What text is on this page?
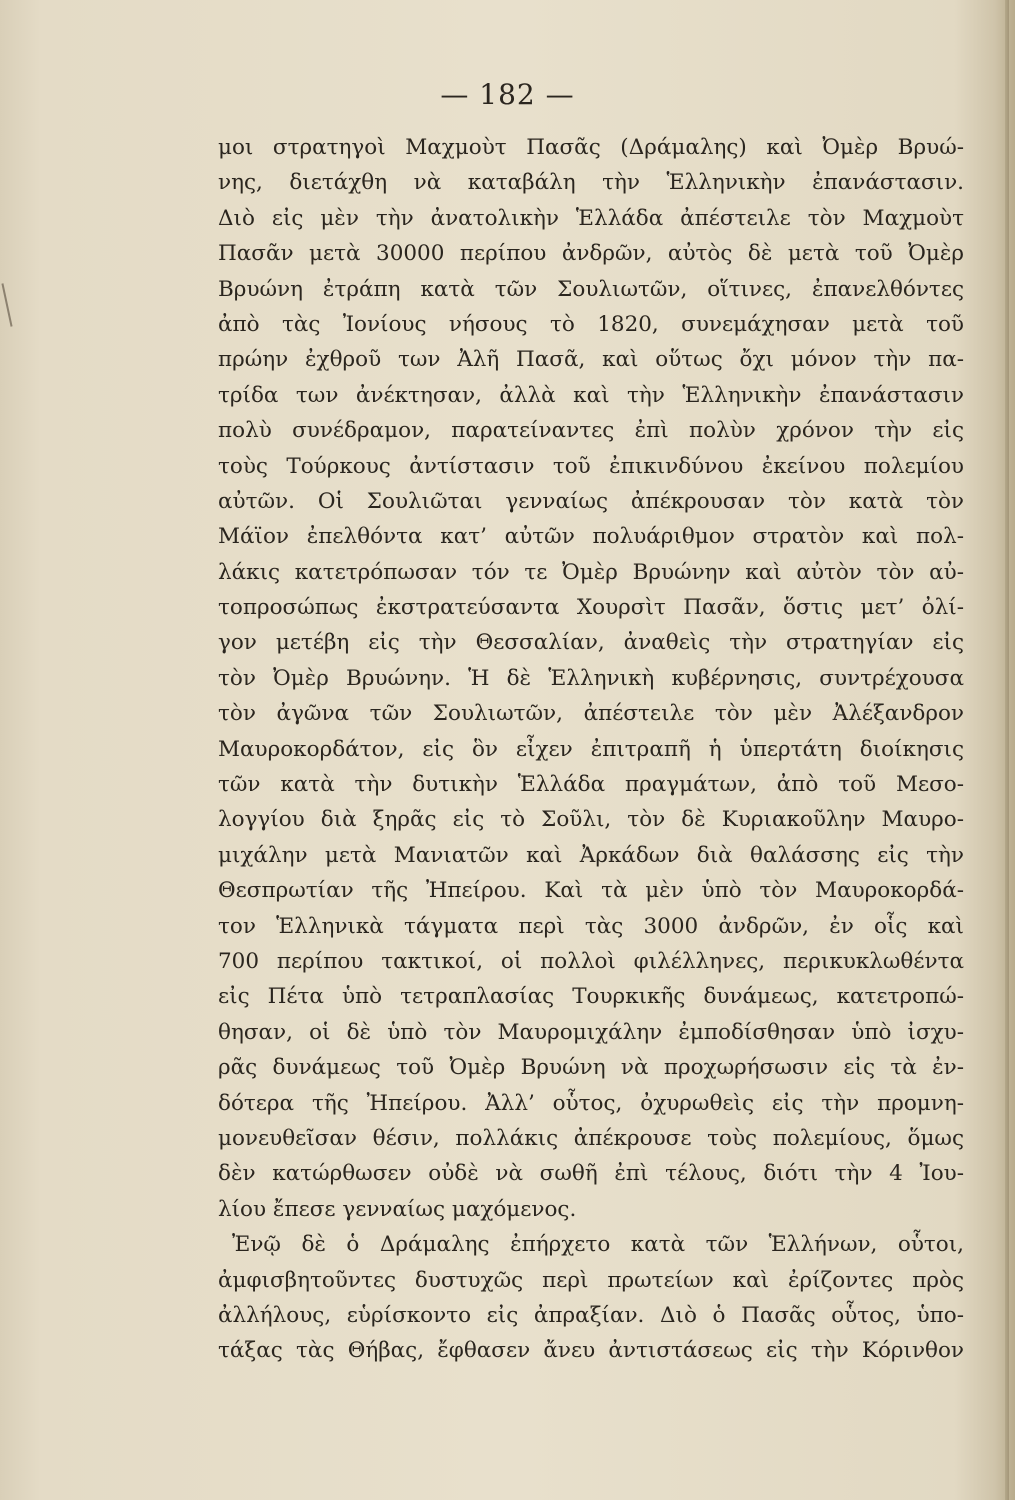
— 182 —
μοι στρατηγοὶ Μαχμοὺτ Πασᾶς (Δράμαλης) καὶ Ὀμὲρ Βρυώ-
νης, διετάχθη νὰ καταβάλη τὴν Ἑλληνικὴν ἐπανάστασιν.
Διὸ εἰς μὲν τὴν ἀνατολικὴν Ἑλλάδα ἀπέστειλε τὸν Μαχμοὺτ
Πασᾶν μετὰ 30000 περίπου ἀνδρῶν, αὐτὸς δὲ μετὰ τοῦ Ὀμὲρ
Βρυώνη ἐτράπη κατὰ τῶν Σουλιωτῶν, οἵτινες, ἐπανελθόντες
ἀπὸ τὰς Ἰονίους νήσους τὸ 1820, συνεμάχησαν μετὰ τοῦ
πρώην ἐχθροῦ των Ἀλῆ Πασᾶ, καὶ οὕτως ὄχι μόνον τὴν πα-
τρίδα των ἀνέκτησαν, ἀλλὰ καὶ τὴν Ἑλληνικὴν ἐπανάστασιν
πολὺ συνέδραμον, παρατείναντες ἐπὶ πολὺν χρόνον τὴν εἰς
τοὺς Τούρκους ἀντίστασιν τοῦ ἐπικινδύνου ἐκείνου πολεμίου
αὐτῶν. Οἱ Σουλιῶται γενναίως ἀπέκρουσαν τὸν κατὰ τὸν
Μάϊον ἐπελθόντα κατ’ αὐτῶν πολυάριθμον στρατὸν καὶ πολ-
λάκις κατετρόπωσαν τόν τε Ὀμὲρ Βρυώνην καὶ αὐτὸν τὸν αὐ-
τοπροσώπως ἐκστρατεύσαντα Χουρσὶτ Πασᾶν, ὅστις μετ’ ὀλί-
γον μετέβη εἰς τὴν Θεσσαλίαν, ἀναθεὶς τὴν στρατηγίαν εἰς
τὸν Ὀμὲρ Βρυώνην. Ἡ δὲ Ἑλληνικὴ κυβέρνησις, συντρέχουσα
τὸν ἀγῶνα τῶν Σουλιωτῶν, ἀπέστειλε τὸν μὲν Ἀλέξανδρον
Μαυροκορδάτον, εἰς ὃν εἶχεν ἐπιτραπῆ ἡ ὑπερτάτη διοίκησις
τῶν κατὰ τὴν δυτικὴν Ἑλλάδα πραγμάτων, ἀπὸ τοῦ Μεσο-
λογγίου διὰ ξηρᾶς εἰς τὸ Σοῦλι, τὸν δὲ Κυριακοῦλην Μαυρο-
μιχάλην μετὰ Μανιατῶν καὶ Ἀρκάδων διὰ θαλάσσης εἰς τὴν
Θεσπρωτίαν τῆς Ἠπείρου. Καὶ τὰ μὲν ὑπὸ τὸν Μαυροκορδά-
τον Ἑλληνικὰ τάγματα περὶ τὰς 3000 ἀνδρῶν, ἐν οἷς καὶ
700 περίπου τακτικοί, οἱ πολλοὶ φιλέλληνες, περικυκλωθέντα
εἰς Πέτα ὑπὸ τετραπλασίας Τουρκικῆς δυνάμεως, κατετροπώ-
θησαν, οἱ δὲ ὑπὸ τὸν Μαυρομιχάλην ἐμποδίσθησαν ὑπὸ ἰσχυ-
ρᾶς δυνάμεως τοῦ Ὀμὲρ Βρυώνη νὰ προχωρήσωσιν εἰς τὰ ἐν-
δότερα τῆς Ἠπείρου. Ἀλλ’ οὗτος, ὀχυρωθεὶς εἰς τὴν προμνη-
μονευθεῖσαν θέσιν, πολλάκις ἀπέκρουσε τοὺς πολεμίους, ὅμως
δὲν κατώρθωσεν οὐδὲ νὰ σωθῆ ἐπὶ τέλους, διότι τὴν 4 Ἰου-
λίου ἔπεσε γενναίως μαχόμενος.
Ἐνῷ δὲ ὁ Δράμαλης ἐπήρχετο κατὰ τῶν Ἑλλήνων, οὗτοι,
ἀμφισβητοῦντες δυστυχῶς περὶ πρωτείων καὶ ἐρίζοντες πρὸς
ἀλλήλους, εὑρίσκοντο εἰς ἀπραξίαν. Διὸ ὁ Πασᾶς οὗτος, ὑπο-
τάξας τὰς Θήβας, ἔφθασεν ἄνευ ἀντιστάσεως εἰς τὴν Κόρινθον
